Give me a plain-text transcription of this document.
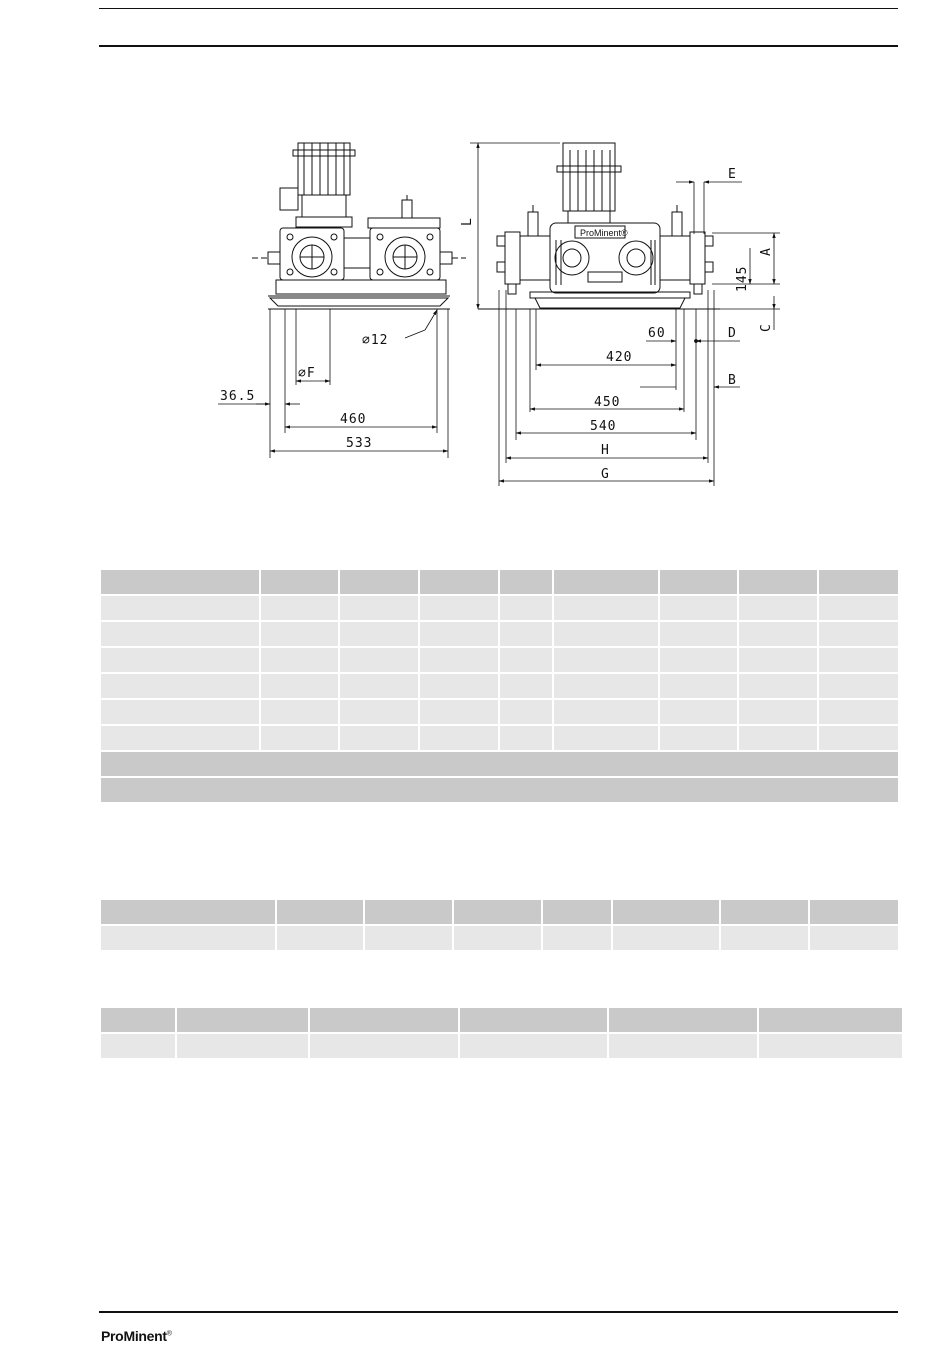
∅12
∅F
36.5
460
533
ProMinent®
L
E
A
145
C
60	D
420
B
450
540
H
G

ProMinent®
